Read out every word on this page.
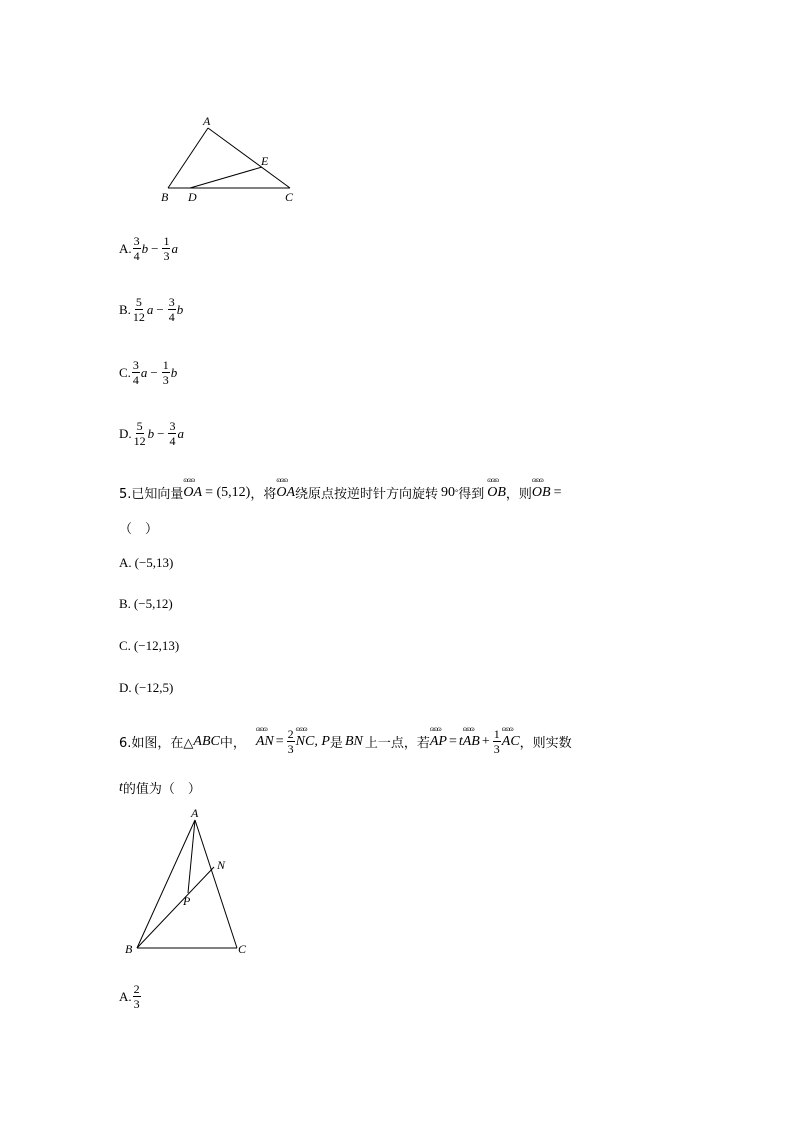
A
B D	C
E
A. $\frac{3}{4}$ $b - \frac{1}{3}$ a
B. $\frac{5}{12}$ $a - \frac{3}{4}$ b
C. $\frac{3}{4}$ $a - \frac{1}{3}$ b
D. $\frac{5}{12}$ $b - \frac{3}{4}$ a
5.已知向量
ɷɷɷ
OA = (5,12) ，将
ɷɷɷ
OA 绕原点按逆时针方向旋转 90 ° 得到
ɷɷɷ
OB ，则
ɷɷɷ
OB =
（　）
A. (−5,13)
B. (−5,12)
C. (−12,13)
D. (−12,5)
6.如图，在△ ABC 中，
ɷɷɷ
AN = $\frac{2}{3}$ ɷɷɷ
NC , P 是 BN 上一点，若
ɷɷɷ
AP = t
ɷɷɷ
AB + $\frac{1}{3}$ ɷɷɷ
AC ，则实数
t 的值为（　）
A
N
P
B	C
A. $\frac{2}{3}$
